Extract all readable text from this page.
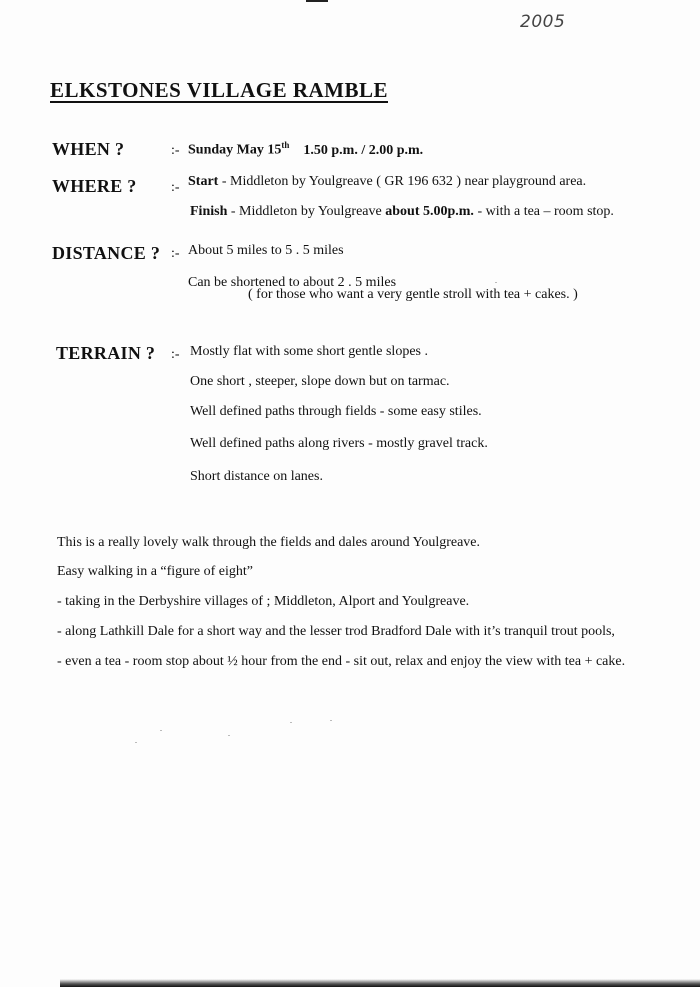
2005
ELKSTONES VILLAGE RAMBLE
WHEN ?	:- Sunday May 15th 1.50 p.m. / 2.00 p.m.
WHERE ? :- Start - Middleton by Youlgreave ( GR 196 632 ) near playground area.
Finish - Middleton by Youlgreave about 5.00p.m. - with a tea – room stop.
DISTANCE ? :- About 5 miles to 5 . 5 miles
Can be shortened to about 2 . 5 miles
( for those who want a very gentle stroll with tea + cakes. )
TERRAIN ? :- Mostly flat with some short gentle slopes .
One short , steeper, slope down but on tarmac.
Well defined paths through fields - some easy stiles.
Well defined paths along rivers - mostly gravel track.
Short distance on lanes.
This is a really lovely walk through the fields and dales around Youlgreave.
Easy walking in a “figure of eight”
- taking in the Derbyshire villages of ; Middleton, Alport and Youlgreave.
- along Lathkill Dale for a short way and the lesser trod Bradford Dale with it’s tranquil trout pools,
- even a tea - room stop about ½ hour from the end - sit out, relax and enjoy the view with tea + cake.
